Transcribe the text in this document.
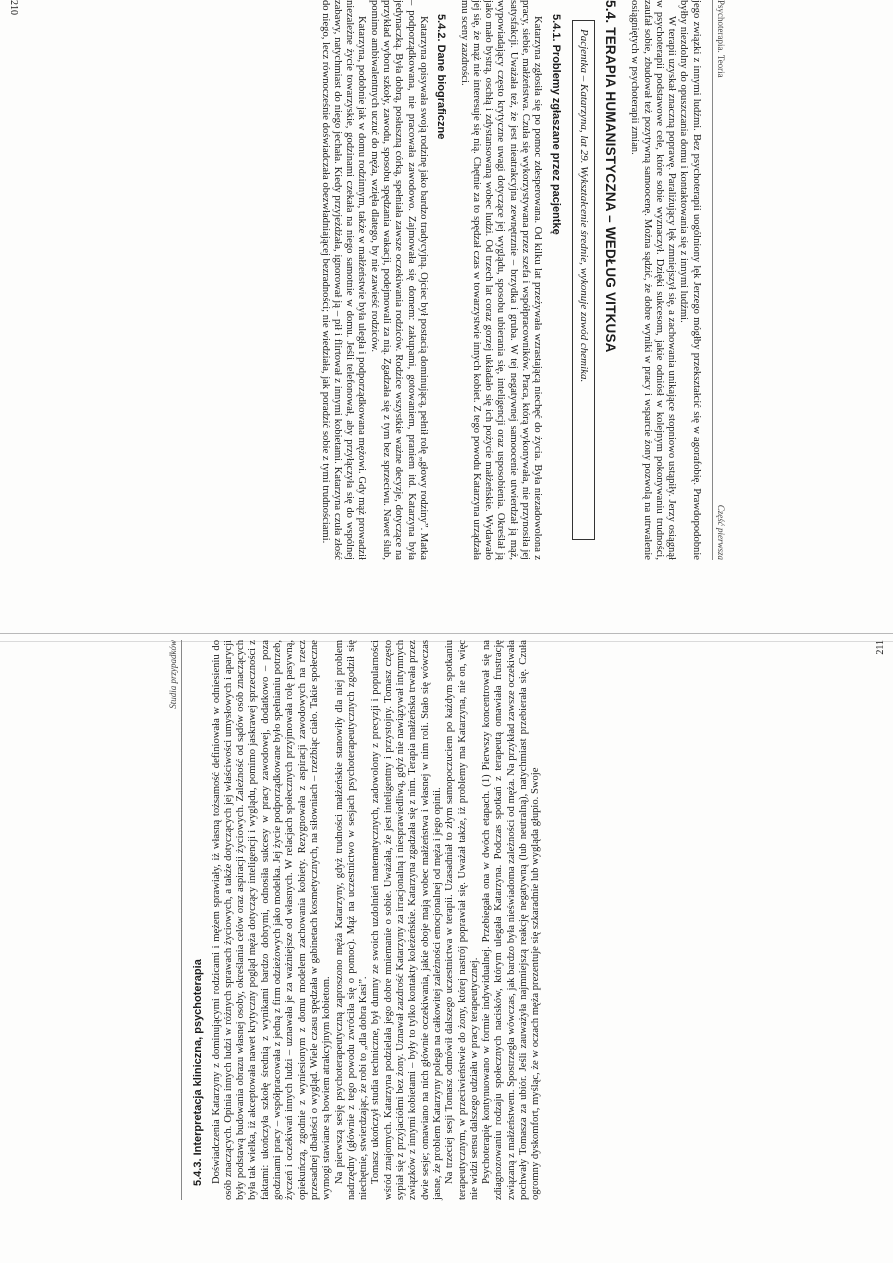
Psychoterapia. Teoria
Część pierwsza

jego związki z innymi ludźmi. Bez psychoterapii uogólniony lęk Jerzego mógłby przekształcić się w agorafobię. Prawdopodobnie byłby niezdolny do opuszczania domu i kontaktowania się z innymi ludźmi.

W terapii uzyskał znaczną poprawę. Paraliżujący lęk zmniejszył się, a zachowania unikające stopniowo ustąpiły. Jerzy osiągnął w psychoterapii podstawowe cele, które sobie wyznaczył. Dzięki sukcesom, jakie odniósł w kolejnym pokonywaniu trudności, zaufał sobie, zbudował też pozytywną samoocenę. Można sądzić, że dobre wyniki w pracy i wsparcie żony pozwolą na utrwalenie osiągniętych w psychoterapii zmian.

5.4. TERAPIA HUMANISTYCZNA – WEDŁUG VITKUSA
Pacjentka – Katarzyna, lat 29. Wykształcenie średnie, wykonuje zawód chemika.
5.4.1. Problemy zgłaszane przez pacjentkę

Katarzyna zgłosiła się po pomoc zdesperowana. Od kilku lat przeżywała wzrastającą niechęć do życia. Była niezadowolona z pracy, siebie, małżeństwa. Czuła się wykorzystywana przez szefa i współpracowników. Praca, którą wykonywała, nie przynosiła jej satysfakcji. Uważała też, że jest nieatrakcyjna zewnętrznie – brzydka i gruba. W tej negatywnej samoocenie utwierdzał ją mąż, wypowiadający często krytyczne uwagi dotyczące jej wyglądu, sposobu ubierania się, inteligencji oraz usposobienia. Określał ją jako mało bystrą, oschłą i zdystansowaną wobec ludzi. Od trzech lat coraz gorzej układało się ich pożycie małżeńskie. Wydawało jej się, że mąż nie interesuje się nią. Chętnie za to spędzał czas w towarzystwie innych kobiet. Z tego powodu Katarzyna urządzała mu sceny zazdrości.

5.4.2. Dane biograficzne

Katarzyna opisywała swoją rodzinę jako bardzo tradycyjną. Ojciec był postacią dominującą, pełnił rolę „głowy rodziny”. Matka – podporządkowana, nie pracowała zawodowo. Zajmowała się domem: zakupami, gotowaniem, praniem itd. Katarzyna była jedynaczką. Była dobrą, posłuszną córką, spełniała zawsze oczekiwania rodziców. Rodzice wszystkie ważne decyzje, dotyczące na przykład wyboru szkoły, zawodu, sposobu spędzania wakacji, podejmowali za nią. Zgadzała się z tym bez sprzeciwu. Nawet ślub, pomimo ambiwalentnych uczuć do męża, wzięła dlatego, by nie zawieść rodziców.

Katarzyna, podobnie jak w domu rodzinnym, także w małżeństwie była uległa i podporządkowana mężowi. Gdy mąż prowadził niezależne życie towarzyskie, godzinami czekała na niego samotnie w domu. Jeśli telefonował, aby przyłączyła się do wspólnej zabawy, natychmiast do niego jechała. Kiedy przyjeżdżała, ignorował ją – pił i flirtował z innymi kobietami. Katarzyna czuła złość do niego, lecz równocześnie doświadczała obezwładniającej bezradności; nie wiedziała, jak poradzić sobie z tymi trudnościami.

210
Studia przypadków
5.4.3. Interpretacja kliniczna, psychoterapia Doświadczenia Katarzyny z dominującymi rodzicami i mężem sprawiały, iż własną tożsamość definiowała w odniesieniu do osób znaczących. Opinia innych ludzi w różnych sprawach życiowych, a także dotyczących jej właściwości umysłowych i aparycji były podstawą budowania obrazu własnej osoby, określania celów oraz aspiracji życiowych. Zależność od sądów osób znaczących była tak wielka, iż akceptowała nawet krytyczny pogląd męża dotyczący inteligencji i wyglądu, pomimo jaskrawej sprzeczności z faktami: ukończyła szkołę średnią z wynikami bardzo dobrymi, odnosiła sukcesy w pracy zawodowej, dodatkowo – poza godzinami pracy – współpracowała z jedną z firm odzieżowych jako modelka. Jej życie podporządkowane było spełnianiu potrzeb, życzeń i oczekiwań innych ludzi – uznawała je za ważniejsze od własnych. W relacjach społecznych przyjmowała rolę pasywną, opiekuńczą, zgodnie z wyniesionym z domu modelem zachowania kobiety. Rezygnowała z aspiracji zawodowych na rzecz przesadnej dbałości o wygląd. Wiele czasu spędzała w gabinetach kosmetycznych, na siłowniach – rzeźbiąc ciało. Takie społeczne wymogi stawiane są bowiem atrakcyjnym kobietom. Na pierwszą sesję psychoterapeutyczną zaproszono męża Katarzyny, gdyż trudności małżeńskie stanowiły dla niej problem nadrzędny (głównie z tego powodu zwróciła się o pomoc). Mąż na uczestnictwo w sesjach psychoterapeutycznych zgodził się niechętnie, stwierdzając, że robi to „dla dobra Kasi”. Tomasz ukończył studia techniczne, był dumny ze swoich uzdolnień matematycznych, zadowolony z precyzji i popularności wśród znajomych. Katarzyna podzielała jego dobre mniemanie o sobie. Uważała, że jest inteligentny i przystojny. Tomasz często sypiał się z przyjaciółmi bez żony. Uznawał zazdrość Katarzyny za irracjonalną i niesprawiedliwą, gdyż nie nawiązywał intymnych związków z innymi kobietami – były to tylko kontakty koleżeńskie. Katarzyna zgadzała się z nim. Terapia małżeńska trwała przez dwie sesje; omawiano na nich głównie oczekiwania, jakie oboje mają wobec małżeństwa i własnej w nim roli. Stało się wówczas jasne, że problem Katarzyny polega na całkowitej zależności emocjonalnej od męża i jego opinii. Na trzeciej sesji Tomasz odmówił dalszego uczestnictwa w terapii. Uzasadniał to złym samopoczuciem po każdym spotkaniu terapeutycznym, w przeciwieństwie do żony, której nastrój poprawiał się. Uważał także, iż problemy ma Katarzyna, nie on, więc nie widzi sensu dalszego udziału w pracy terapeutycznej. Psychoterapię kontynuowano w formie indywidualnej. Przebiegała ona w dwóch etapach. (1) Pierwszy koncentrował się na zdiagnozowaniu rodzaju społecznych nacisków, którym ulegała Katarzyna. Podczas spotkań z terapeutą omawiała frustrację związaną z małżeństwem. Spostrzegła wówczas, jak bardzo była nieświadoma zależności od męża. Na przykład zawsze oczekiwała pochwały Tomasza za ubiór. Jeśli zauważyła najmniejszą reakcję negatywną (lub neutralną), natychmiast przebierała się. Czuła ogromny dyskomfort, myśląc, że w oczach męża prezentuje się szkaradnie lub wygląda głupio. Swoje

211
